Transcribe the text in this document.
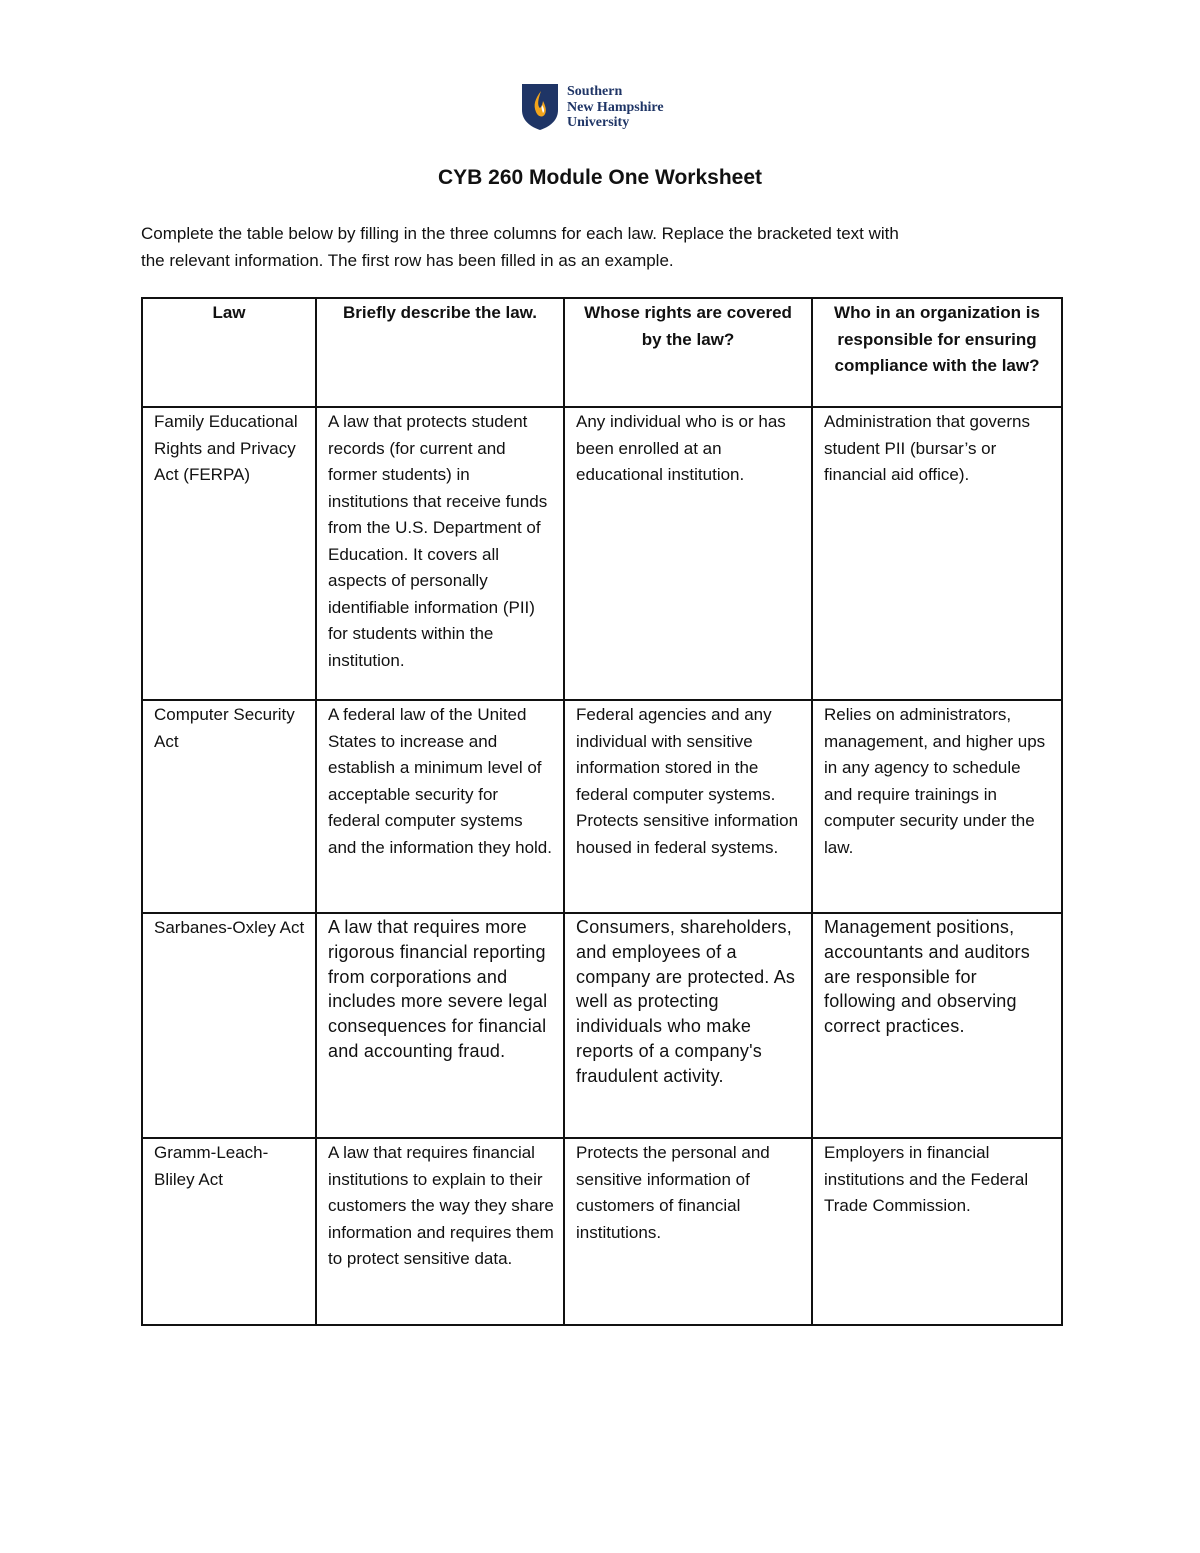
Southern
New Hampshire
University
CYB 260 Module One Worksheet
Complete the table below by filling in the three columns for each law. Replace the bracketed text with
the relevant information. The first row has been filled in as an example.
Law	Briefly describe the law.	Whose rights are covered by the law?	Who in an organization is responsible for ensuring compliance with the law?
Family Educational Rights and Privacy Act (FERPA)	A law that protects student records (for current and former students) in institutions that receive funds from the U.S. Department of Education. It covers all aspects of personally identifiable information (PII) for students within the institution.	Any individual who is or has been enrolled at an educational institution.	Administration that governs student PII (bursar’s or financial aid office).
Computer Security Act	A federal law of the United States to increase and establish a minimum level of acceptable security for federal computer systems and the information they hold.	Federal agencies and any individual with sensitive information stored in the federal computer systems. Protects sensitive information housed in federal systems.	Relies on administrators, management, and higher ups in any agency to schedule and require trainings in computer security under the law.
Sarbanes-Oxley Act	A law that requires more rigorous financial reporting from corporations and includes more severe legal consequences for financial and accounting fraud.	Consumers, shareholders, and employees of a company are protected. As well as protecting individuals who make reports of a company's fraudulent activity.	Management positions, accountants and auditors are responsible for following and observing correct practices.
Gramm-Leach-Bliley Act	A law that requires financial institutions to explain to their customers the way they share information and requires them to protect sensitive data.	Protects the personal and sensitive information of customers of financial institutions.	Employers in financial institutions and the Federal Trade Commission.
